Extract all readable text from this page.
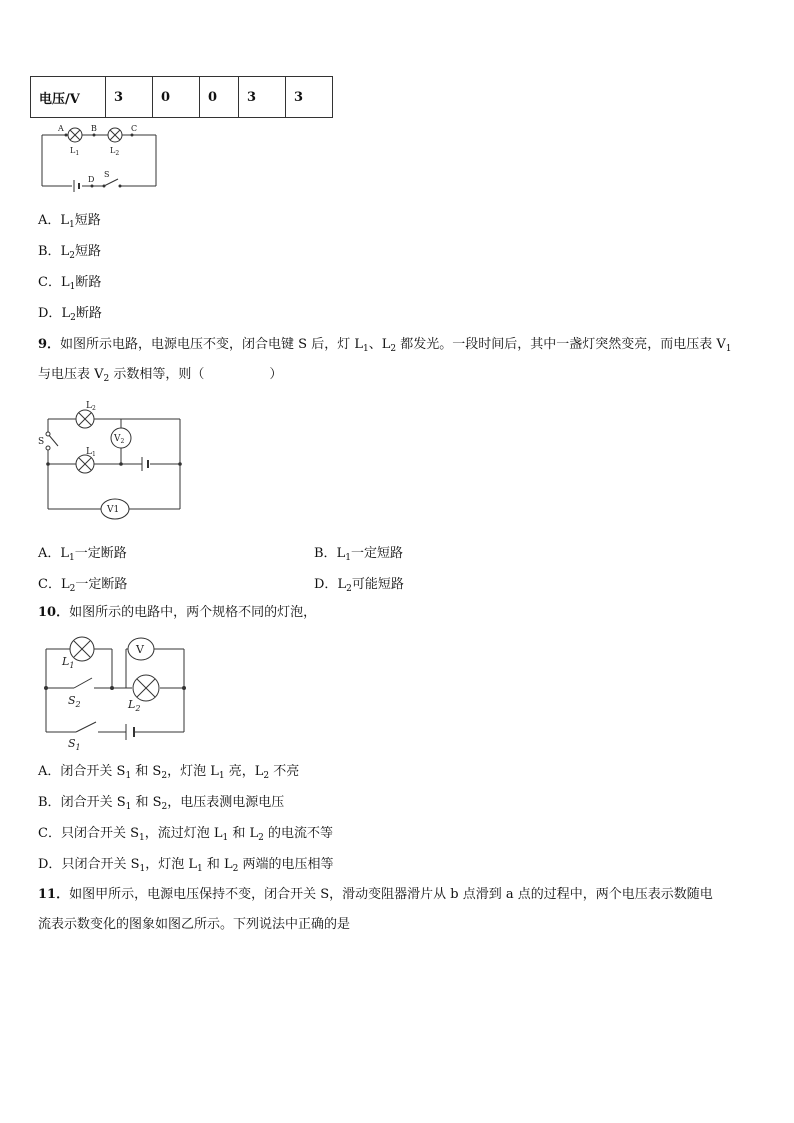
电压/V	3	0	0	3	3
A	B	C
D
S
$L_1$	$L_2$
A．$L_1$短路
B．$L_2$短路
C．$L_1$断路
D．$L_2$断路
9．如图所示电路，电源电压不变，闭合电键 S 后，灯 $L_1$、$L_2$ 都发光。一段时间后，其中一盏灯突然变亮，而电压表 $V_1$
与电压表 $V_2$ 示数相等，则（　　　　　）
S
$L_2$
$L_1$
$V_2$
V1
A．$L_1$一定断路	B．$L_1$一定短路
C．$L_2$一定断路	D．$L_2$可能短路
10．如图所示的电路中，两个规格不同的灯泡，
$L_1$
$L_2$
$S_2$
$S_1$
V
A．闭合开关 $S_1$ 和 $S_2$，灯泡 $L_1$ 亮，$L_2$ 不亮
B．闭合开关 $S_1$ 和 $S_2$，电压表测电源电压
C．只闭合开关 $S_1$，流过灯泡 $L_1$ 和 $L_2$ 的电流不等
D．只闭合开关 $S_1$，灯泡 $L_1$ 和 $L_2$ 两端的电压相等
11．如图甲所示，电源电压保持不变，闭合开关 S，滑动变阻器滑片从 b 点滑到 a 点的过程中，两个电压表示数随电
流表示数变化的图象如图乙所示。下列说法中正确的是
